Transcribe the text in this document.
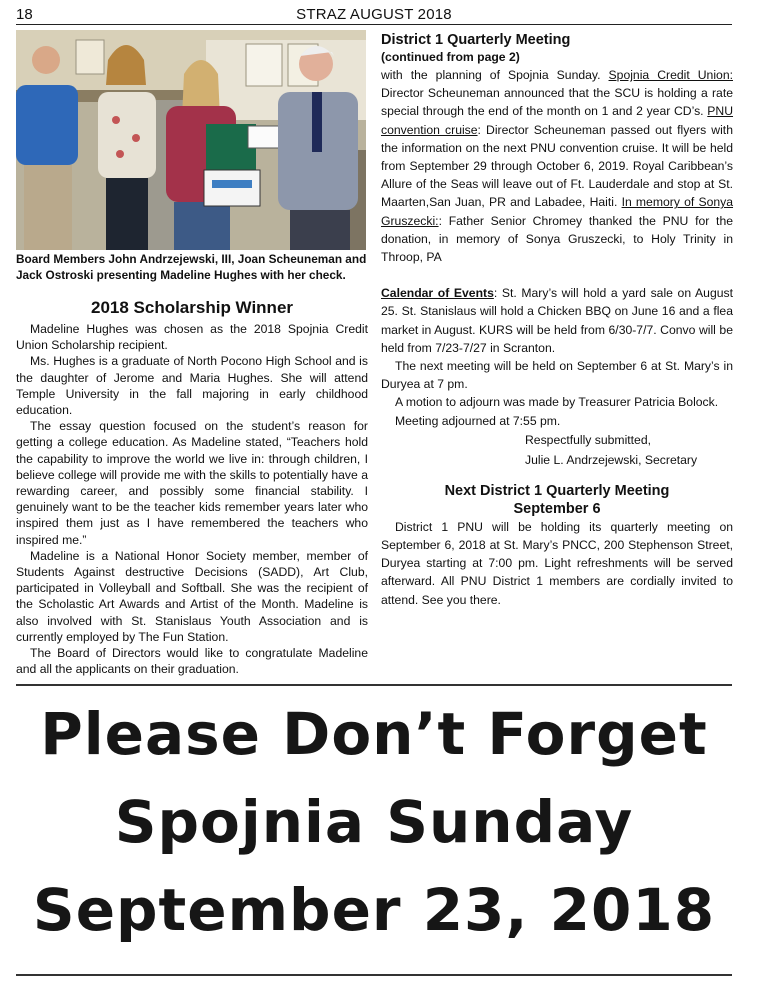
18	STRAZ AUGUST 2018
Board Members John Andrzejewski, III, Joan Scheuneman and Jack Ostroski presenting Madeline Hughes with her check.
2018 Scholarship Winner

Madeline Hughes was chosen as the 2018 Spojnia Credit Union Scholarship recipient.

Ms. Hughes is a graduate of North Pocono High School and is the daughter of Jerome and Maria Hughes. She will attend Temple University in the fall majoring in early childhood education.

The essay question focused on the student’s reason for getting a college education. As Madeline stated, “Teachers hold the capability to improve the world we live in: through children, I believe college will provide me with the skills to potentially have a rewarding career, and possibly some financial stability. I genuinely want to be the teacher kids remember years later who inspired them just as I have remembered the teachers who inspired me.”

Madeline is a National Honor Society member, member of Students Against destructive Decisions (SADD), Art Club, participated in Volleyball and Softball. She was the recipient of the Scholastic Art Awards and Artist of the Month. Madeline is also involved with St. Stanislaus Youth Association and is currently employed by The Fun Station.

The Board of Directors would like to congratulate Madeline and all the applicants on their graduation.

District 1 Quarterly Meeting
(continued from page 2)

with the planning of Spojnia Sunday. Spojnia Credit Union: Director Scheuneman announced that the SCU is holding a rate special through the end of the month on 1 and 2 year CD’s. PNU convention cruise: Director Scheuneman passed out flyers with the information on the next PNU convention cruise. It will be held from September 29 through October 6, 2019. Royal Caribbean’s Allure of the Seas will leave out of Ft. Lauderdale and stop at St. Maarten,San Juan, PR and Labadee, Haiti. In memory of Sonya Gruszecki:: Father Senior Chromey thanked the PNU for the donation, in memory of Sonya Gruszecki, to Holy Trinity in Throop, PA

Calendar of Events: St. Mary’s will hold a yard sale on August 25. St. Stanislaus will hold a Chicken BBQ on June 16 and a flea market in August. KURS will be held from 6/30-7/7. Convo will be held from 7/23-7/27 in Scranton.

The next meeting will be held on September 6 at St. Mary’s in Duryea at 7 pm.

A motion to adjourn was made by Treasurer Patricia Bolock.

Meeting adjourned at 7:55 pm.

Respectfully submitted,
Julie L. Andrzejewski, Secretary
Next District 1 Quarterly Meeting
September 6

District 1 PNU will be holding its quarterly meeting on September 6, 2018 at St. Mary’s PNCC, 200 Stephenson Street, Duryea starting at 7:00 pm. Light refreshments will be served afterward. All PNU District 1 members are cordially invited to attend. See you there.

Please Don’t Forget
Spojnia Sunday
September 23, 2018
